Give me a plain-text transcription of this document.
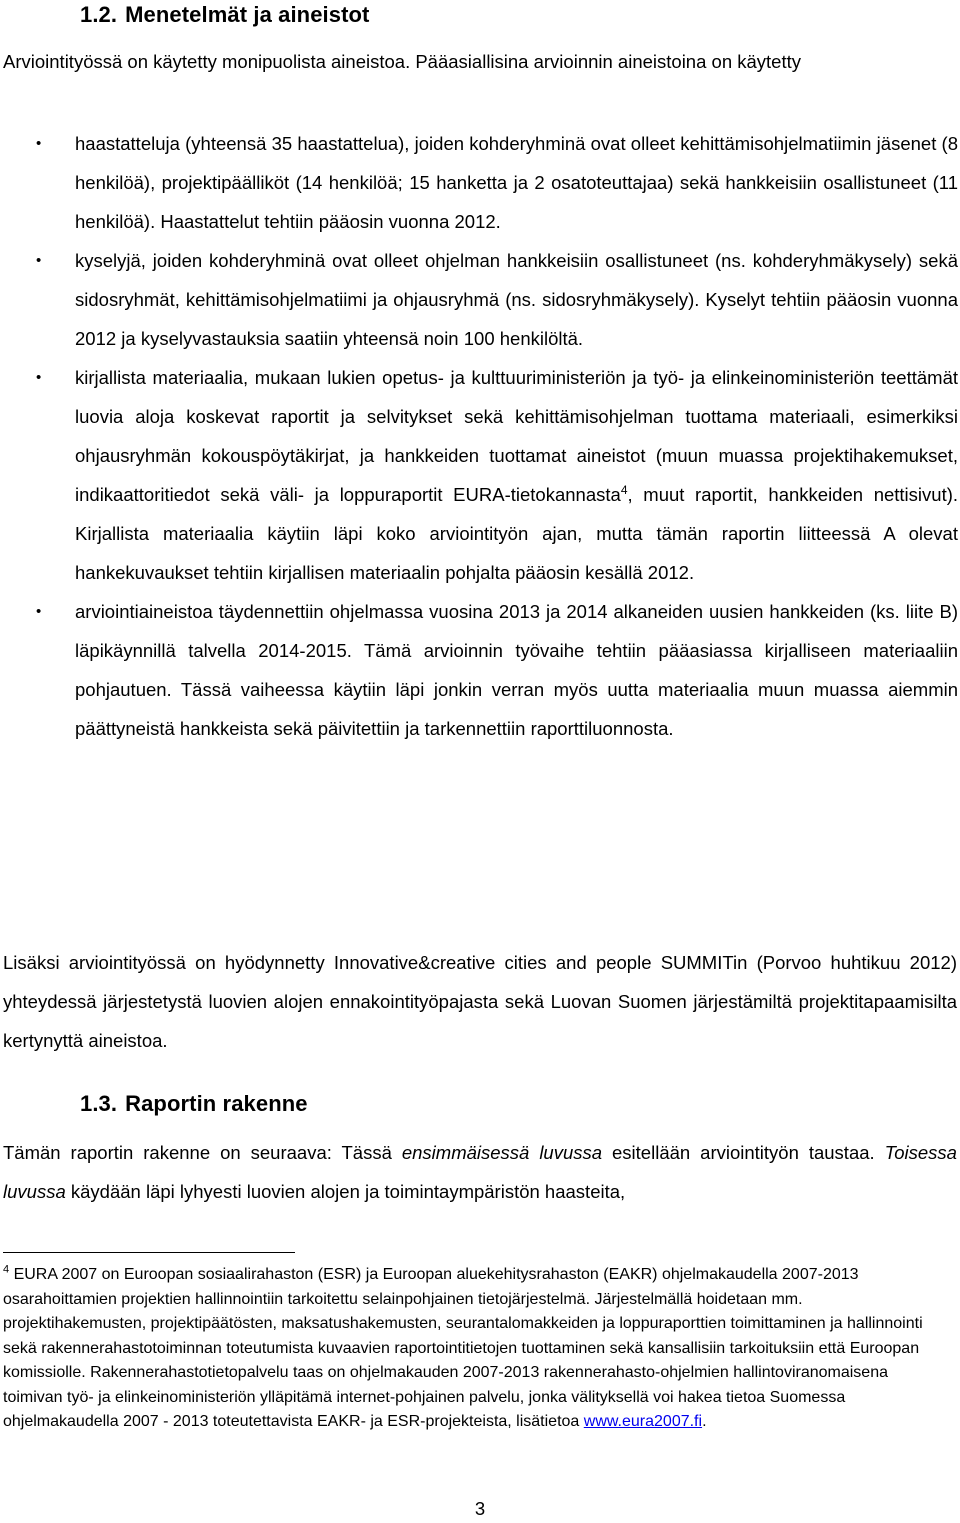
1.2. Menetelmät ja aineistot
Arviointityössä on käytetty monipuolista aineistoa. Pääasiallisina arvioinnin aineistoina on käytetty
• haastatteluja (yhteensä 35 haastattelua), joiden kohderyhminä ovat olleet kehittämisohjelmatiimin jäsenet (8 henkilöä), projektipäälliköt (14 henkilöä; 15 hanketta ja 2 osatoteuttajaa) sekä hankkeisiin osallistuneet (11 henkilöä). Haastattelut tehtiin pääosin vuonna 2012.
• kyselyjä, joiden kohderyhminä ovat olleet ohjelman hankkeisiin osallistuneet (ns. kohderyhmäkysely) sekä sidosryhmät, kehittämisohjelmatiimi ja ohjausryhmä (ns. sidosryhmäkysely). Kyselyt tehtiin pääosin vuonna 2012 ja kyselyvastauksia saatiin yhteensä noin 100 henkilöltä.
• kirjallista materiaalia, mukaan lukien opetus- ja kulttuuriministeriön ja työ- ja elinkeinoministeriön teettämät luovia aloja koskevat raportit ja selvitykset sekä kehittämisohjelman tuottama materiaali, esimerkiksi ohjausryhmän kokouspöytäkirjat, ja hankkeiden tuottamat aineistot (muun muassa projektihakemukset, indikaattoritiedot sekä väli- ja loppuraportit EURA-tietokannasta$^4$, muut raportit, hankkeiden nettisivut). Kirjallista materiaalia käytiin läpi koko arviointityön ajan, mutta tämän raportin liitteessä A olevat hankekuvaukset tehtiin kirjallisen materiaalin pohjalta pääosin kesällä 2012.
• arviointiaineistoa täydennettiin ohjelmassa vuosina 2013 ja 2014 alkaneiden uusien hankkeiden (ks. liite B) läpikäynnillä talvella 2014-2015. Tämä arvioinnin työvaihe tehtiin pääasiassa kirjalliseen materiaaliin pohjautuen. Tässä vaiheessa käytiin läpi jonkin verran myös uutta materiaalia muun muassa aiemmin päättyneistä hankkeista sekä päivitettiin ja tarkennettiin raporttiluonnosta.
Lisäksi arviointityössä on hyödynnetty Innovative&creative cities and people SUMMITin (Porvoo huhtikuu 2012) yhteydessä järjestetystä luovien alojen ennakointityöpajasta sekä Luovan Suomen järjestämiltä projektitapaamisilta kertynyttä aineistoa.
1.3. Raportin rakenne
Tämän raportin rakenne on seuraava: Tässä ensimmäisessä luvussa esitellään arviointityön taustaa. Toisessa luvussa käydään läpi lyhyesti luovien alojen ja toimintaympäristön haasteita,
$^4$ EURA 2007 on Euroopan sosiaalirahaston (ESR) ja Euroopan aluekehitysrahaston (EAKR) ohjelmakaudella 2007-2013 osarahoittamien projektien hallinnointiin tarkoitettu selainpohjainen tietojärjestelmä. Järjestelmällä hoidetaan mm. projektihakemusten, projektipäätösten, maksatushakemusten, seurantalomakkeiden ja loppuraporttien toimittaminen ja hallinnointi sekä rakennerahastotoiminnan toteutumista kuvaavien raportointitietojen tuottaminen sekä kansallisiin tarkoituksiin että Euroopan komissiolle. Rakennerahastotietopalvelu taas on ohjelmakauden 2007-2013 rakennerahasto-ohjelmien hallintoviranomaisena toimivan työ- ja elinkeinoministeriön ylläpitämä internet-pohjainen palvelu, jonka välityksellä voi hakea tietoa Suomessa ohjelmakaudella 2007 - 2013 toteutettavista EAKR- ja ESR-projekteista, lisätietoa www.eura2007.fi.
3
